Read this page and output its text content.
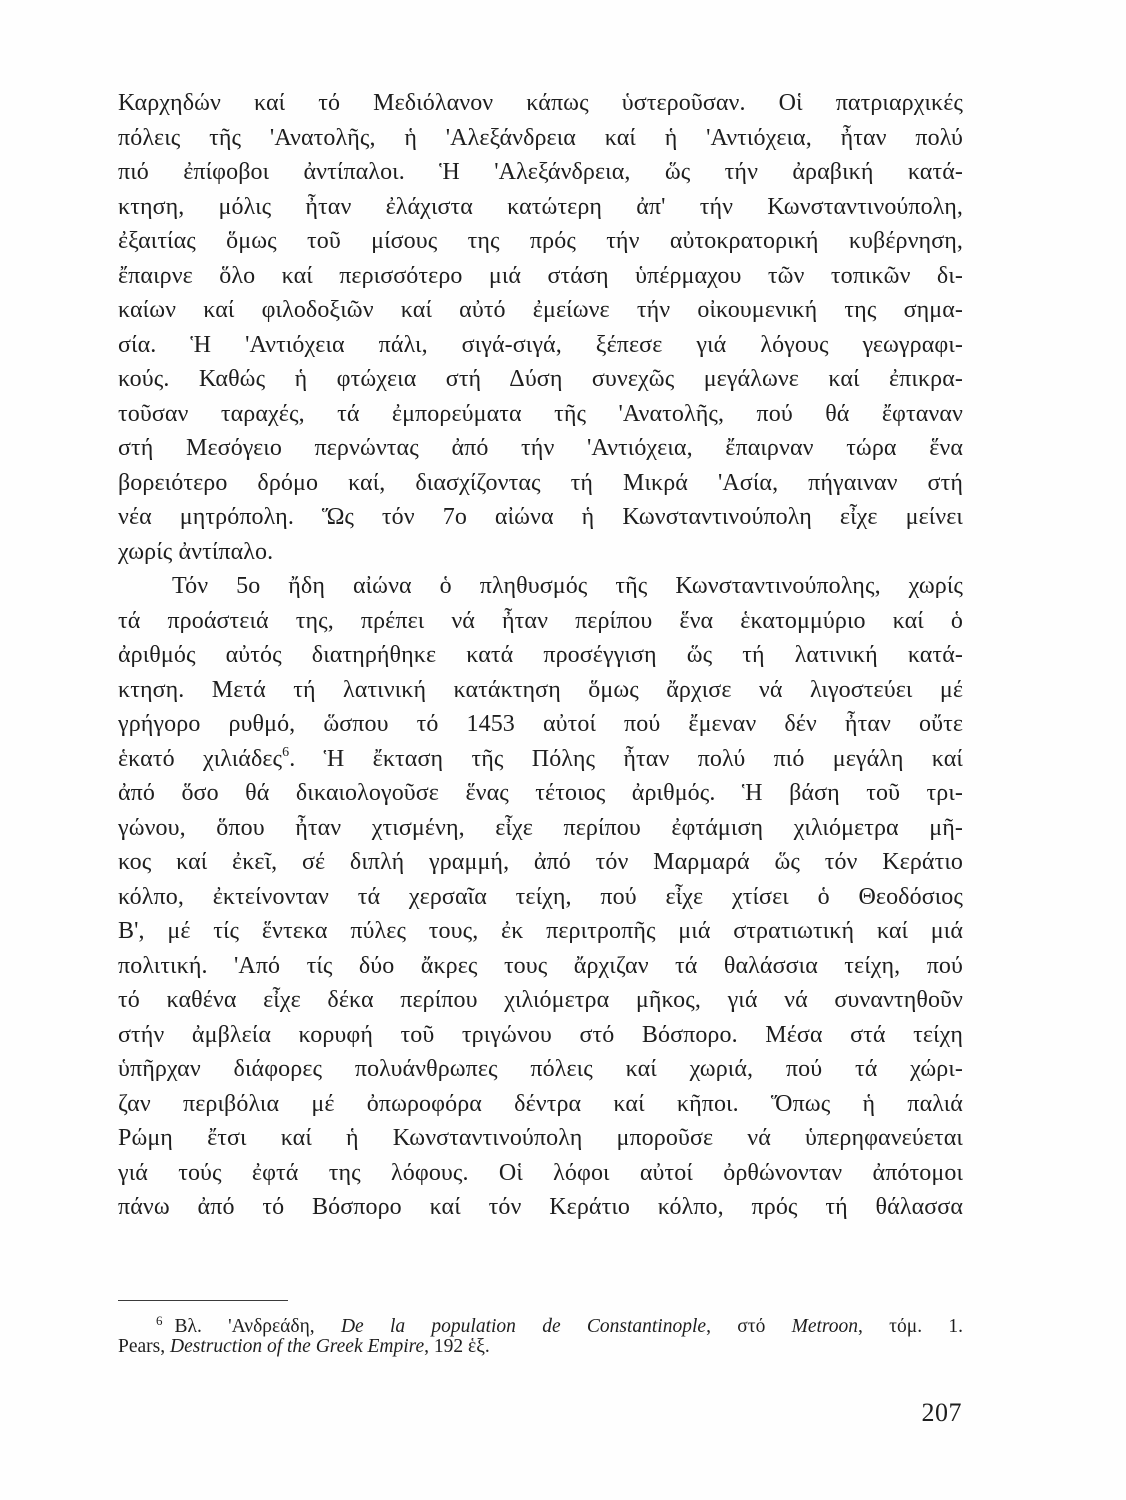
Καρχηδών καί τό Μεδιόλανον κάπως ὑστεροῦσαν. Οἱ πατριαρχικές
πόλεις τῆς 'Ανατολῆς, ἡ 'Αλεξάνδρεια καί ἡ 'Αντιόχεια, ἦταν πολύ
πιό ἐπίφοβοι ἀντίπαλοι. Ἡ 'Αλεξάνδρεια, ὥς τήν ἀραβική κατά-
κτηση, μόλις ἦταν ἐλάχιστα κατώτερη ἀπ' τήν Κωνσταντινούπολη,
ἐξαιτίας ὅμως τοῦ μίσους της πρός τήν αὐτοκρατορική κυβέρνηση,
ἔπαιρνε ὅλο καί περισσότερο μιά στάση ὑπέρμαχου τῶν τοπικῶν δι-
καίων καί φιλοδοξιῶν καί αὐτό ἐμείωνε τήν οἰκουμενική της σημα-
σία. Ἡ 'Αντιόχεια πάλι, σιγά-σιγά, ξέπεσε γιά λόγους γεωγραφι-
κούς. Καθώς ἡ φτώχεια στή Δύση συνεχῶς μεγάλωνε καί ἐπικρα-
τοῦσαν ταραχές, τά ἐμπορεύματα τῆς 'Ανατολῆς, πού θά ἔφταναν
στή Μεσόγειο περνώντας ἀπό τήν 'Αντιόχεια, ἔπαιρναν τώρα ἕνα
βορειότερο δρόμο καί, διασχίζοντας τή Μικρά 'Ασία, πήγαιναν στή
νέα μητρόπολη. Ὥς τόν 7ο αἰώνα ἡ Κωνσταντινούπολη εἶχε μείνει
χωρίς ἀντίπαλο.
Τόν 5ο ἤδη αἰώνα ὁ πληθυσμός τῆς Κωνσταντινούπολης, χωρίς
τά προάστειά της, πρέπει νά ἦταν περίπου ἕνα ἑκατομμύριο καί ὁ
ἀριθμός αὐτός διατηρήθηκε κατά προσέγγιση ὥς τή λατινική κατά-
κτηση. Μετά τή λατινική κατάκτηση ὅμως ἄρχισε νά λιγοστεύει μέ
γρήγορο ρυθμό, ὥσπου τό 1453 αὐτοί πού ἔμεναν δέν ἦταν οὔτε
ἑκατό χιλιάδες$^6$. Ἡ ἔκταση τῆς Πόλης ἦταν πολύ πιό μεγάλη καί
ἀπό ὅσο θά δικαιολογοῦσε ἕνας τέτοιος ἀριθμός. Ἡ βάση τοῦ τρι-
γώνου, ὅπου ἦταν χτισμένη, εἶχε περίπου ἐφτάμιση χιλιόμετρα μῆ-
κος καί ἐκεῖ, σέ διπλή γραμμή, ἀπό τόν Μαρμαρά ὥς τόν Κεράτιο
κόλπο, ἐκτείνονταν τά χερσαῖα τείχη, πού εἶχε χτίσει ὁ Θεοδόσιος
Β', μέ τίς ἕντεκα πύλες τους, ἐκ περιτροπῆς μιά στρατιωτική καί μιά
πολιτική. 'Από τίς δύο ἄκρες τους ἄρχιζαν τά θαλάσσια τείχη, πού
τό καθένα εἶχε δέκα περίπου χιλιόμετρα μῆκος, γιά νά συναντηθοῦν
στήν ἀμβλεία κορυφή τοῦ τριγώνου στό Βόσπορο. Μέσα στά τείχη
ὑπῆρχαν διάφορες πολυάνθρωπες πόλεις καί χωριά, πού τά χώρι-
ζαν περιβόλια μέ ὀπωροφόρα δέντρα καί κῆποι. Ὅπως ἡ παλιά
Ρώμη ἔτσι καί ἡ Κωνσταντινούπολη μποροῦσε νά ὑπερηφανεύεται
γιά τούς ἐφτά της λόφους. Οἱ λόφοι αὐτοί ὀρθώνονταν ἀπότομοι
πάνω ἀπό τό Βόσπορο καί τόν Κεράτιο κόλπο, πρός τή θάλασσα
$^6$ Βλ. 'Ανδρεάδη, De la population de Constantinople, στό Metroon, τόμ. 1.
Pears, Destruction of the Greek Empire, 192 ἑξ.
207
